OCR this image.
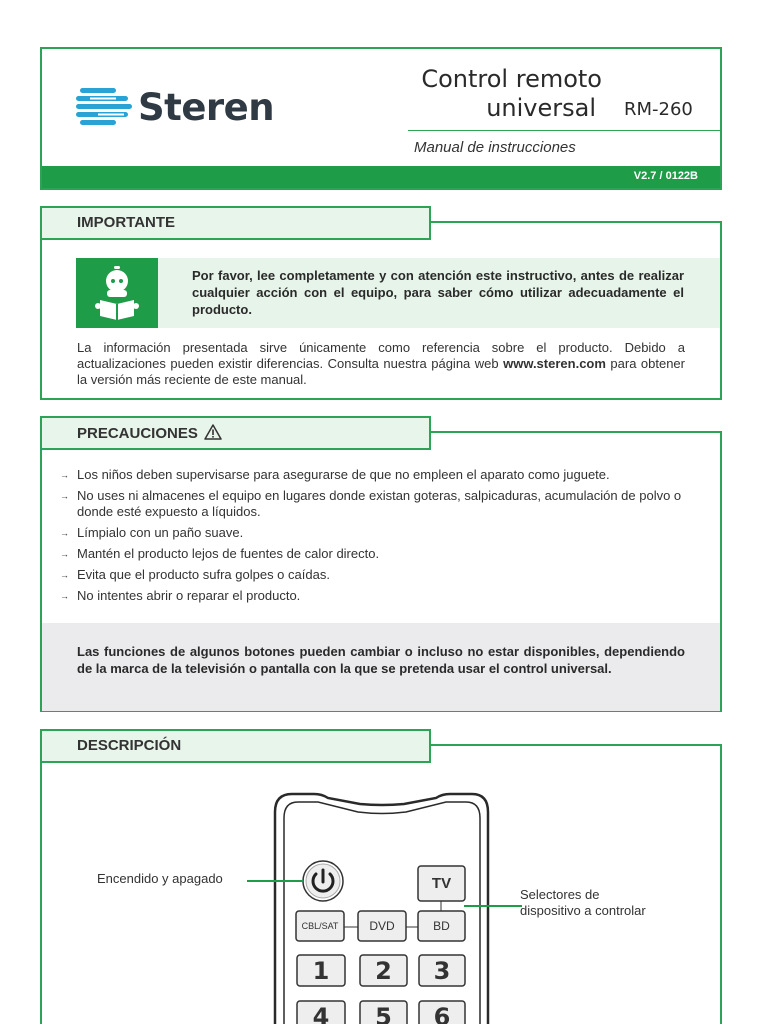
Steren
Control remoto
universal RM-260
Manual de instrucciones
V2.7 / 0122B
IMPORTANTE
Por favor, lee completamente y con atención este instructivo, antes de realizar cualquier acción con el equipo, para saber cómo utilizar adecuadamente el producto.
La información presentada sirve únicamente como referencia sobre el producto. Debido a actualizaciones pueden existir diferencias. Consulta nuestra página web www.steren.com para obtener la versión más reciente de este manual.
PRECAUCIONES
→ Los niños deben supervisarse para asegurarse de que no empleen el aparato como juguete.
→ No uses ni almacenes el equipo en lugares donde existan goteras, salpicaduras, acumulación de polvo o donde esté expuesto a líquidos.
→ Límpialo con un paño suave.
→ Mantén el producto lejos de fuentes de calor directo.
→ Evita que el producto sufra golpes o caídas.
→ No intentes abrir o reparar el producto.
Las funciones de algunos botones pueden cambiar o incluso no estar disponibles, dependiendo de la marca de la televisión o pantalla con la que se pretenda usar el control universal.
DESCRIPCIÓN
Encendido y apagado
Selectores de
dispositivo a controlar
TV
CBL/SAT	DVD	BD
1	2	3
4	5	6
